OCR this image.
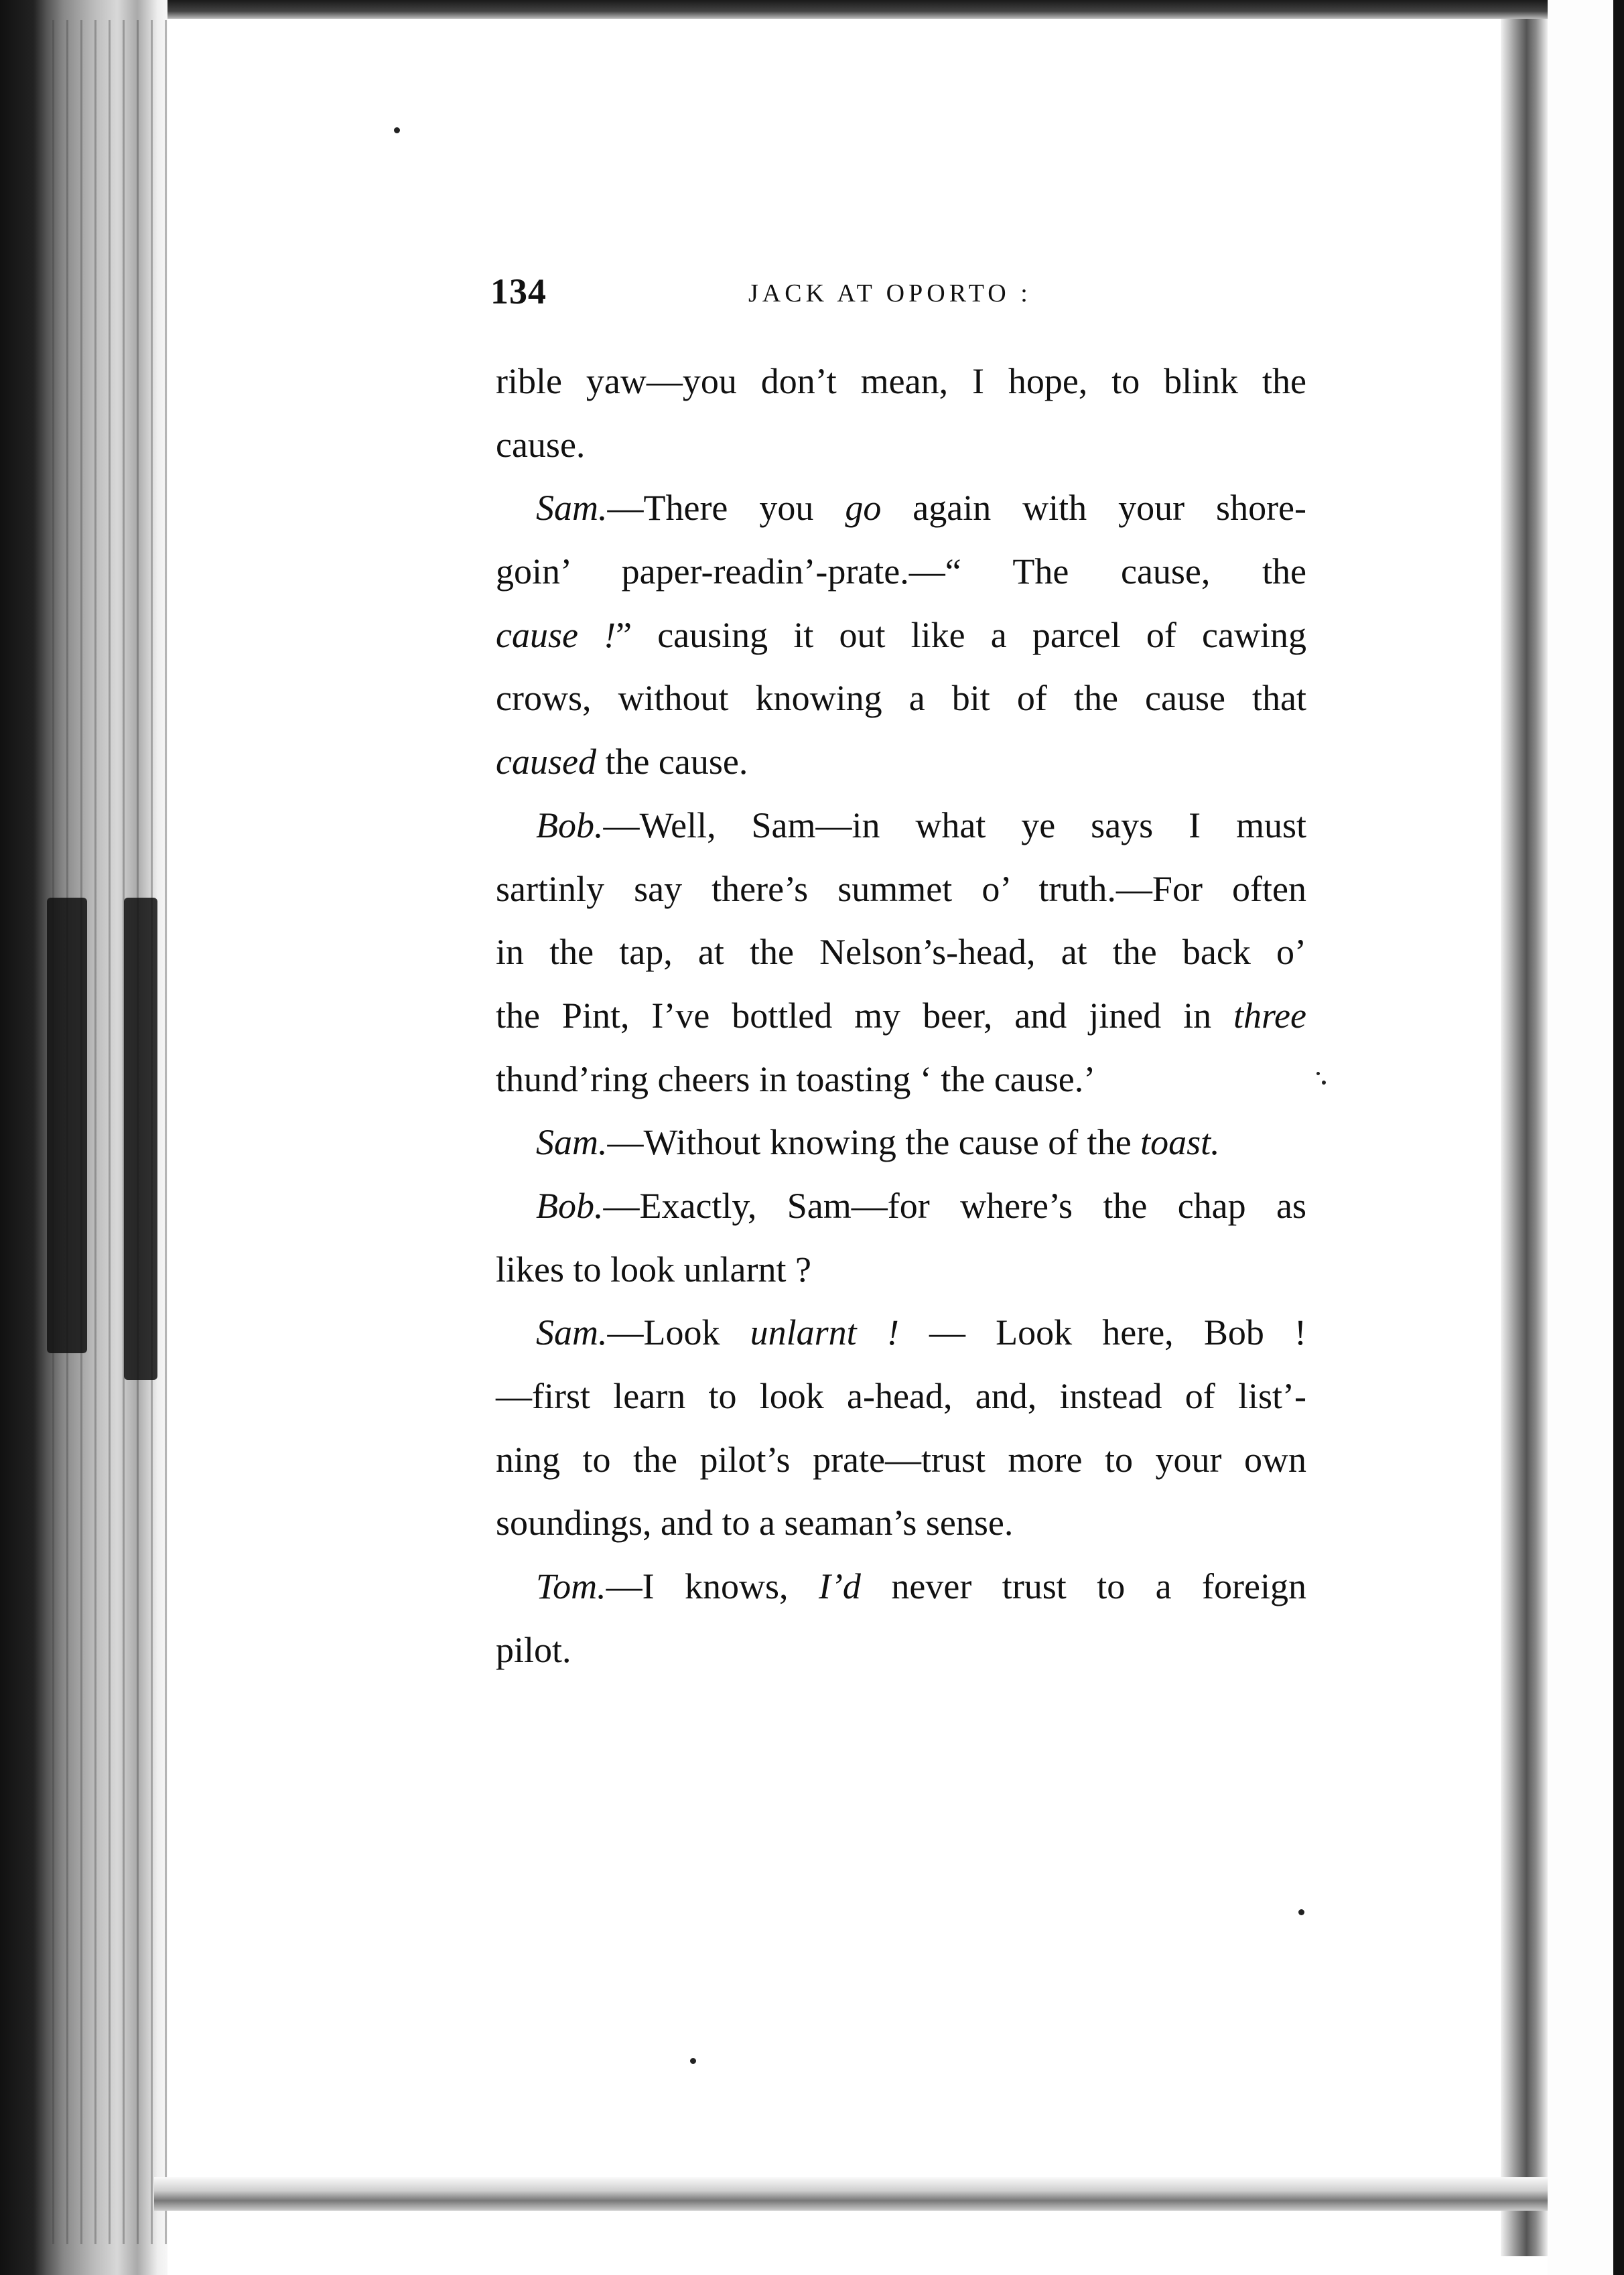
134	JACK AT OPORTO :
rible yaw—you don’t mean, I hope, to blink the
cause.
Sam.—There you go again with your shore-
goin’ paper-readin’-prate.—“ The cause, the
cause !” causing it out like a parcel of cawing
crows, without knowing a bit of the cause that
caused the cause.
Bob.—Well, Sam—in what ye says I must
sartinly say there’s summet o’ truth.—For often
in the tap, at the Nelson’s-head, at the back o’
the Pint, I’ve bottled my beer, and jined in three
thund’ring cheers in toasting ‘ the cause.’
Sam.—Without knowing the cause of the toast.
Bob.—Exactly, Sam—for where’s the chap as
likes to look unlarnt ?
Sam.—Look unlarnt ! — Look here, Bob !
—first learn to look a-head, and, instead of list’-
ning to the pilot’s prate—trust more to your own
soundings, and to a seaman’s sense.
Tom.—I knows, I’d never trust to a foreign
pilot.
